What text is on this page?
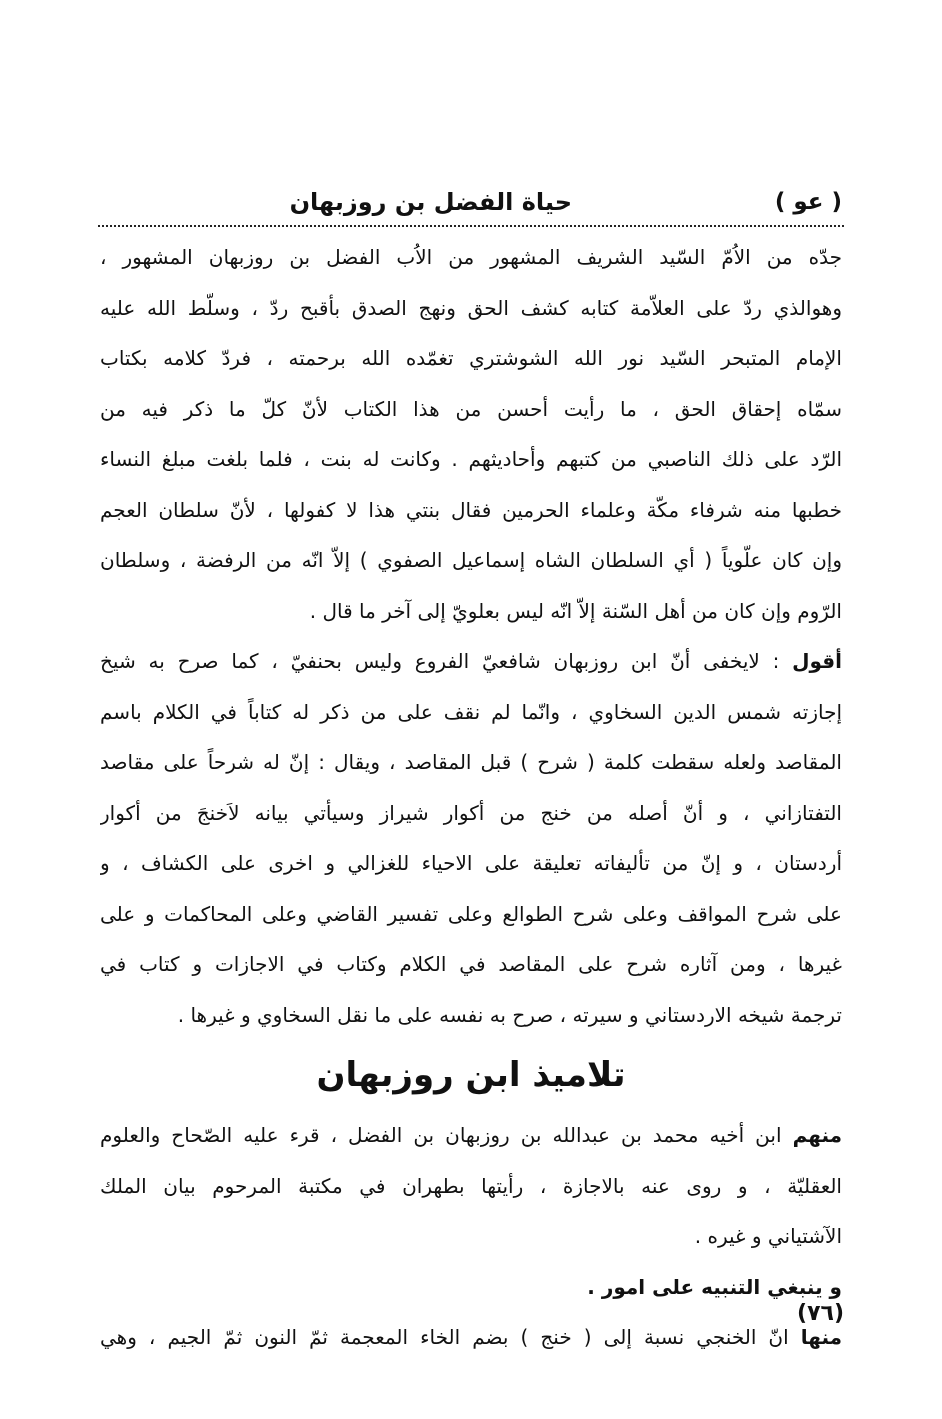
( عو )
حياة الفضل بن روزبهان
جدّه من الاُمّ السّيد الشريف المشهور من الاُب الفضل بن روزبهان المشهور ،
وهوالذي ردّ على العلاّمة كتابه كشف الحق ونهج الصدق بأقبح ردّ ، وسلّط الله عليه
الإمام المتبحر السّيد نور الله الشوشتري تغمّده الله برحمته ، فردّ كلامه بكتاب
سمّاه إحقاق الحق ، ما رأيت أحسن من هذا الكتاب لأنّ كلّ ما ذكر فيه من
الرّد على ذلك الناصبي من كتبهم وأحاديثهم . وكانت له بنت ، فلما بلغت مبلغ النساء
خطبها منه شرفاء مكّة وعلماء الحرمين فقال بنتي هذا لا كفولها ، لأنّ سلطان العجم
وإن كان علّوياً ( أي السلطان الشاه إسماعيل الصفوي ) إلاّ انّه من الرفضة ، وسلطان
الرّوم وإن كان من أهل السّنة إلاّ انّه ليس بعلويّ إلى آخر ما قال .
أقول : لايخفى أنّ ابن روزبهان شافعيّ الفروع وليس بحنفيّ ، كما صرح به شيخ
إجازته شمس الدين السخاوي ، وانّما لم نقف على من ذكر له كتاباً في الكلام باسم
المقاصد ولعله سقطت كلمة ( شرح ) قبل المقاصد ، ويقال : إنّ له شرحاً على مقاصد
التفتازاني ، و أنّ أصله من خنج من أكوار شيراز وسيأتي بيانه لاَخنجَ من أكوار
أردستان ، و إنّ من تأليفاته تعليقة على الاحياء للغزالي و اخرى على الكشاف ، و
على شرح المواقف وعلى شرح الطوالع وعلى تفسير القاضي وعلى المحاكمات و على
غيرها ، ومن آثاره شرح على المقاصد في الكلام وكتاب في الاجازات و كتاب في
ترجمة شيخه الاردستاني و سيرته ، صرح به نفسه على ما نقل السخاوي و غيرها .
تلاميذ ابن روزبهان
منهم ابن أخيه محمد بن عبدالله بن روزبهان بن الفضل ، قرء عليه الصّحاح والعلوم
العقليّة ، و روى عنه بالاجازة ، رأيتها بطهران في مكتبة المرحوم بيان الملك
الآشتياني و غيره .
و ينبغي التنبيه على امور .
منها انّ الخنجي نسبة إلى ( خنج ) بضم الخاء المعجمة ثمّ النون ثمّ الجيم ، وهي
(٧٦)
